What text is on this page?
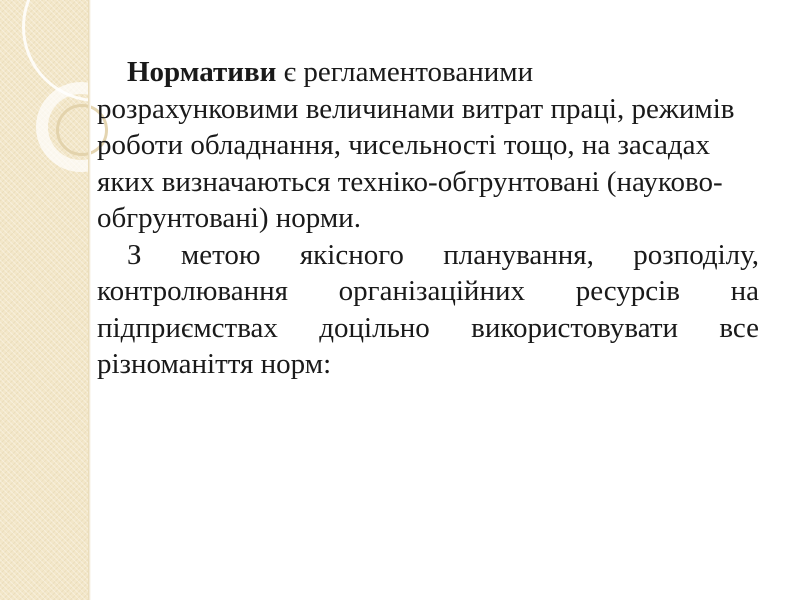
Нормативи є регламентованими розрахунковими величинами витрат праці, режимів роботи обладнання, чисельності тощо, на засадах яких визначаються техніко-обгрунтовані (науково-обгрунтовані) норми.

З метою якісного планування, розподілу, контролювання організаційних ресурсів на підприємствах доцільно використовувати все різноманіття норм:
